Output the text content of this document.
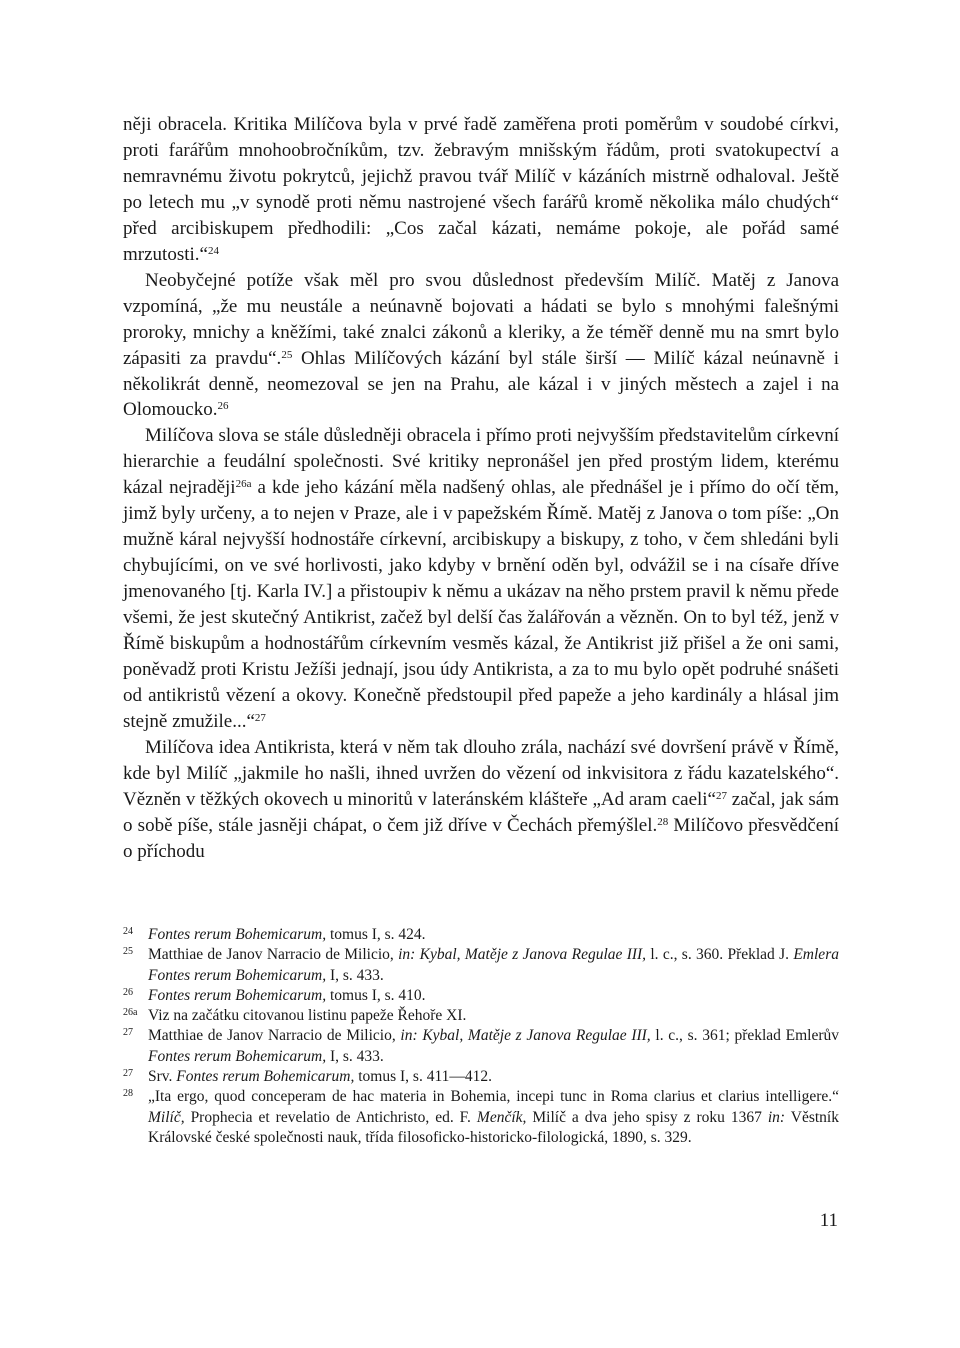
něji obracela. Kritika Milíčova byla v prvé řadě zaměřena proti poměrům v soudobé církvi, proti farářům mnohoobročníkům, tzv. žebravým mnišským řádům, proti svatokupectví a nemravnému životu pokrytců, jejichž pravou tvář Milíč v kázáních mistrně odhaloval. Ještě po letech mu „v synodě proti němu nastrojené všech farářů kromě několika málo chudých“ před arcibiskupem předhodili: „Cos začal kázati, nemáme pokoje, ale pořád samé mrzutosti.“$^{24}$

Neobyčejné potíže však měl pro svou důslednost především Milíč. Matěj z Janova vzpomíná, „že mu neustále a neúnavně bojovati a hádati se bylo s mnohými falešnými proroky, mnichy a kněžími, také znalci zákonů a kleriky, a že téměř denně mu na smrt bylo zápasiti za pravdu“.$^{25}$ Ohlas Milíčových kázání byl stále širší — Milíč kázal neúnavně i několikrát denně, neomezoval se jen na Prahu, ale kázal i v jiných městech a zajel i na Olomoucko.$^{26}$

Milíčova slova se stále důsledněji obracela i přímo proti nejvyšším představitelům církevní hierarchie a feudální společnosti. Své kritiky nepronášel jen před prostým lidem, kterému kázal nejraději$^{26a}$ a kde jeho kázání měla nadšený ohlas, ale přednášel je i přímo do očí těm, jimž byly určeny, a to nejen v Praze, ale i v papežském Římě. Matěj z Janova o tom píše: „On mužně káral nejvyšší hodnostáře církevní, arcibiskupy a biskupy, z toho, v čem shledáni byli chybujícími, on ve své horlivosti, jako kdyby v brnění oděn byl, odvážil se i na císaře dříve jmenovaného [tj. Karla IV.] a přistoupiv k němu a ukázav na něho prstem pravil k němu přede všemi, že jest skutečný Antikrist, začež byl delší čas žalářován a vězněn. On to byl též, jenž v Římě biskupům a hodnostářům církevním vesměs kázal, že Antikrist již přišel a že oni sami, poněvadž proti Kristu Ježíši jednají, jsou údy Antikrista, a za to mu bylo opět podruhé snášeti od antikristů vězení a okovy. Konečně předstoupil před papeže a jeho kardinály a hlásal jim stejně zmužile...“$^{27}$

Milíčova idea Antikrista, která v něm tak dlouho zrála, nachází své dovršení právě v Římě, kde byl Milíč „jakmile ho našli, ihned uvržen do vězení od inkvisitora z řádu kazatelského“. Vězněn v těžkých okovech u minoritů v lateránském klášteře „Ad aram caeli“$^{27}$ začal, jak sám o sobě píše, stále jasněji chápat, o čem již dříve v Čechách přemýšlel.$^{28}$ Milíčovo přesvědčení o příchodu

24 Fontes rerum Bohemicarum, tomus I, s. 424.
25 Matthiae de Janov Narracio de Milicio, in: Kybal, Matěje z Janova Regulae III, l. c., s. 360. Překlad J. Emlera Fontes rerum Bohemicarum, I, s. 433.
26 Fontes rerum Bohemicarum, tomus I, s. 410.
26a Viz na začátku citovanou listinu papeže Řehoře XI.
27 Matthiae de Janov Narracio de Milicio, in: Kybal, Matěje z Janova Regulae III, l. c., s. 361; překlad Emlerův Fontes rerum Bohemicarum, I, s. 433.
27 Srv. Fontes rerum Bohemicarum, tomus I, s. 411—412.
28 „Ita ergo, quod conceperam de hac materia in Bohemia, incepi tunc in Roma clarius et clarius intelligere.“ Milíč, Prophecia et revelatio de Antichristo, ed. F. Menčík, Milíč a dva jeho spisy z roku 1367 in: Věstník Královské české společnosti nauk, třída filosoficko-historicko-filologická, 1890, s. 329.
11
